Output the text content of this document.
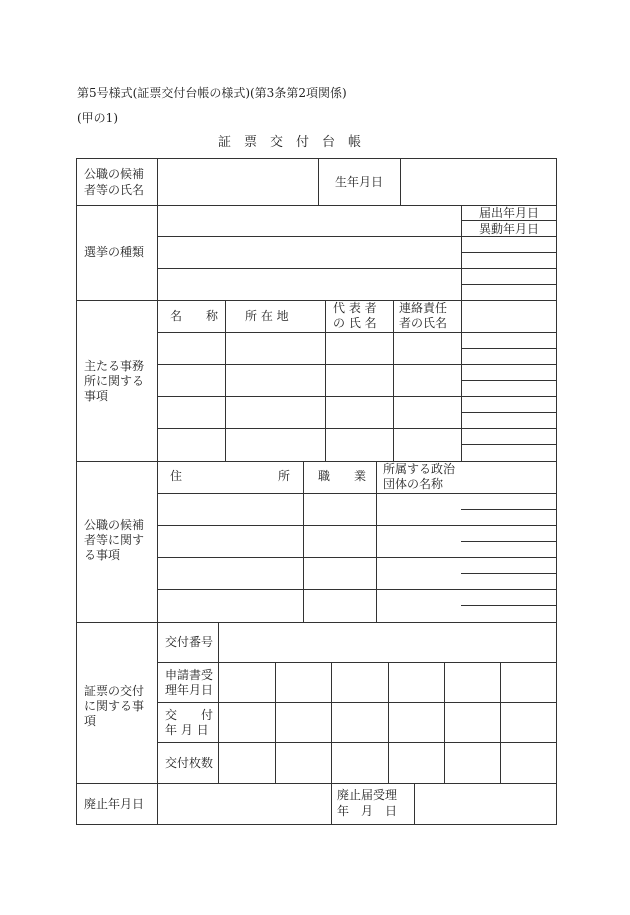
第5号様式(証票交付台帳の様式)(第3条第2項関係)
(甲の1)
証　票　交　付　台　帳
公職の候補
者等の氏名
生年月日
選挙の種類
届出年月日
異動年月日
主たる事務
所に関する
事項
名　　称 所 在 地
代 表 者
の 氏 名
連絡責任
者の氏名
公職の候補
者等に関す
る事項
住	所 職　　業 所属する政治
団体の名称
証票の交付
に関する事
項
交付番号
申請書受
理年月日
交　　付
年 月 日
交付枚数
廃止年月日
廃止届受理
年　月　日
